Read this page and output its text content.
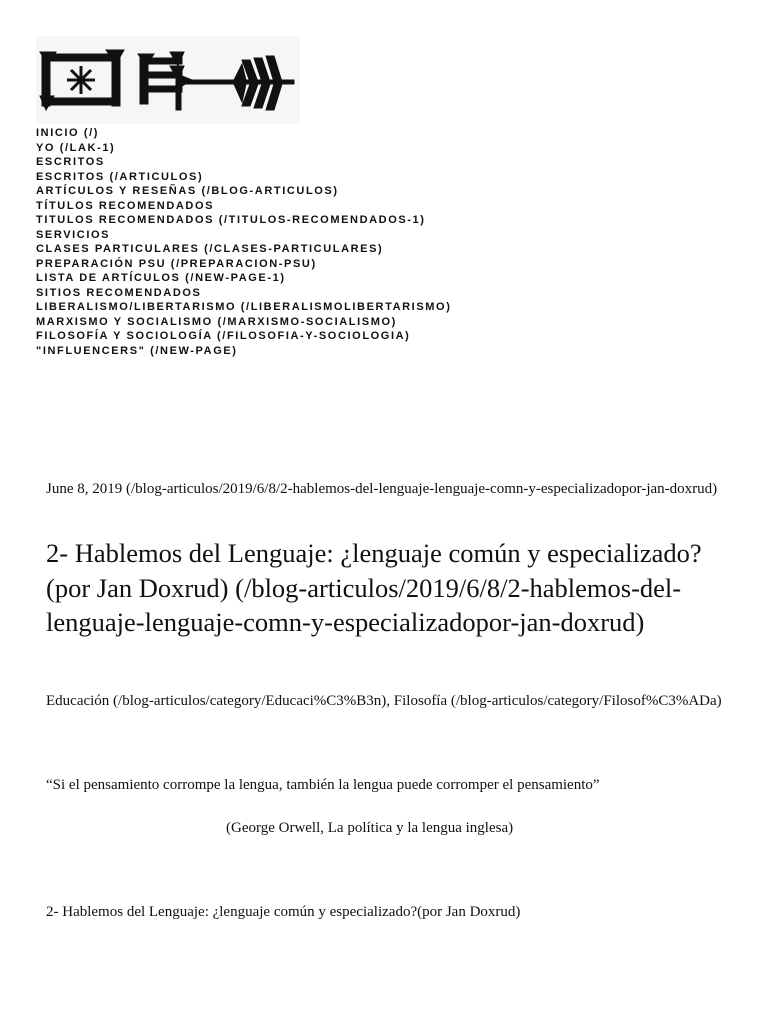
INICIO (/)
YO (/LAK-1)
ESCRITOS
ESCRITOS (/ARTICULOS)
ARTÍCULOS Y RESEÑAS (/BLOG-ARTICULOS)
TÍTULOS RECOMENDADOS
TITULOS RECOMENDADOS (/TITULOS-RECOMENDADOS-1)
SERVICIOS
CLASES PARTICULARES (/CLASES-PARTICULARES)
PREPARACIÓN PSU (/PREPARACION-PSU)
LISTA DE ARTÍCULOS (/NEW-PAGE-1)
SITIOS RECOMENDADOS
LIBERALISMO/LIBERTARISMO (/LIBERALISMOLIBERTARISMO)
MARXISMO Y SOCIALISMO (/MARXISMO-SOCIALISMO)
FILOSOFÍA Y SOCIOLOGÍA (/FILOSOFIA-Y-SOCIOLOGIA)
"INFLUENCERS" (/NEW-PAGE)
June 8, 2019 (/blog-articulos/2019/6/8/2-hablemos-del-lenguaje-lenguaje-comn-y-especializadopor-jan-doxrud)
2- Hablemos del Lenguaje: ¿lenguaje común y especializado?(por Jan Doxrud) (/blog-articulos/2019/6/8/2-hablemos-del-lenguaje-lenguaje-comn-y-especializadopor-jan-doxrud)
Educación (/blog-articulos/category/Educaci%C3%B3n), Filosofía (/blog-articulos/category/Filosof%C3%ADa)
“Si el pensamiento corrompe la lengua, también la lengua puede corromper el pensamiento”
(George Orwell, La política y la lengua inglesa)
2- Hablemos del Lenguaje: ¿lenguaje común y especializado?(por Jan Doxrud)
